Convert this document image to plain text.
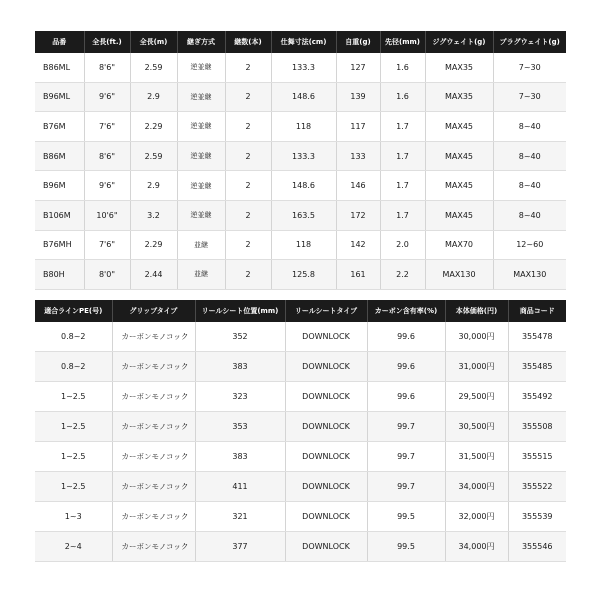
品番	全長(ft.)	全長(m)	継ぎ方式	継数(本)	仕舞寸法(cm)	自重(g)	先径(mm)	ジグウェイト(g)	プラグウェイト(g)
B86ML	8'6"	2.59	逆並継	2	133.3	127	1.6	MAX35	7~30
B96ML	9'6"	2.9	逆並継	2	148.6	139	1.6	MAX35	7~30
B76M	7'6"	2.29	逆並継	2	118	117	1.7	MAX45	8~40
B86M	8'6"	2.59	逆並継	2	133.3	133	1.7	MAX45	8~40
B96M	9'6"	2.9	逆並継	2	148.6	146	1.7	MAX45	8~40
B106M	10'6"	3.2	逆並継	2	163.5	172	1.7	MAX45	8~40
B76MH	7'6"	2.29	並継	2	118	142	2.0	MAX70	12~60
B80H	8'0"	2.44	並継	2	125.8	161	2.2	MAX130	MAX130
適合ラインPE(号)	グリップタイプ	リールシート位置(mm)	リールシートタイプ	カーボン含有率(%)	本体価格(円)	商品コード
0.8~2	カーボンモノコック	352	DOWNLOCK	99.6	30,000円	355478
0.8~2	カーボンモノコック	383	DOWNLOCK	99.6	31,000円	355485
1~2.5	カーボンモノコック	323	DOWNLOCK	99.6	29,500円	355492
1~2.5	カーボンモノコック	353	DOWNLOCK	99.7	30,500円	355508
1~2.5	カーボンモノコック	383	DOWNLOCK	99.7	31,500円	355515
1~2.5	カーボンモノコック	411	DOWNLOCK	99.7	34,000円	355522
1~3	カーボンモノコック	321	DOWNLOCK	99.5	32,000円	355539
2~4	カーボンモノコック	377	DOWNLOCK	99.5	34,000円	355546
